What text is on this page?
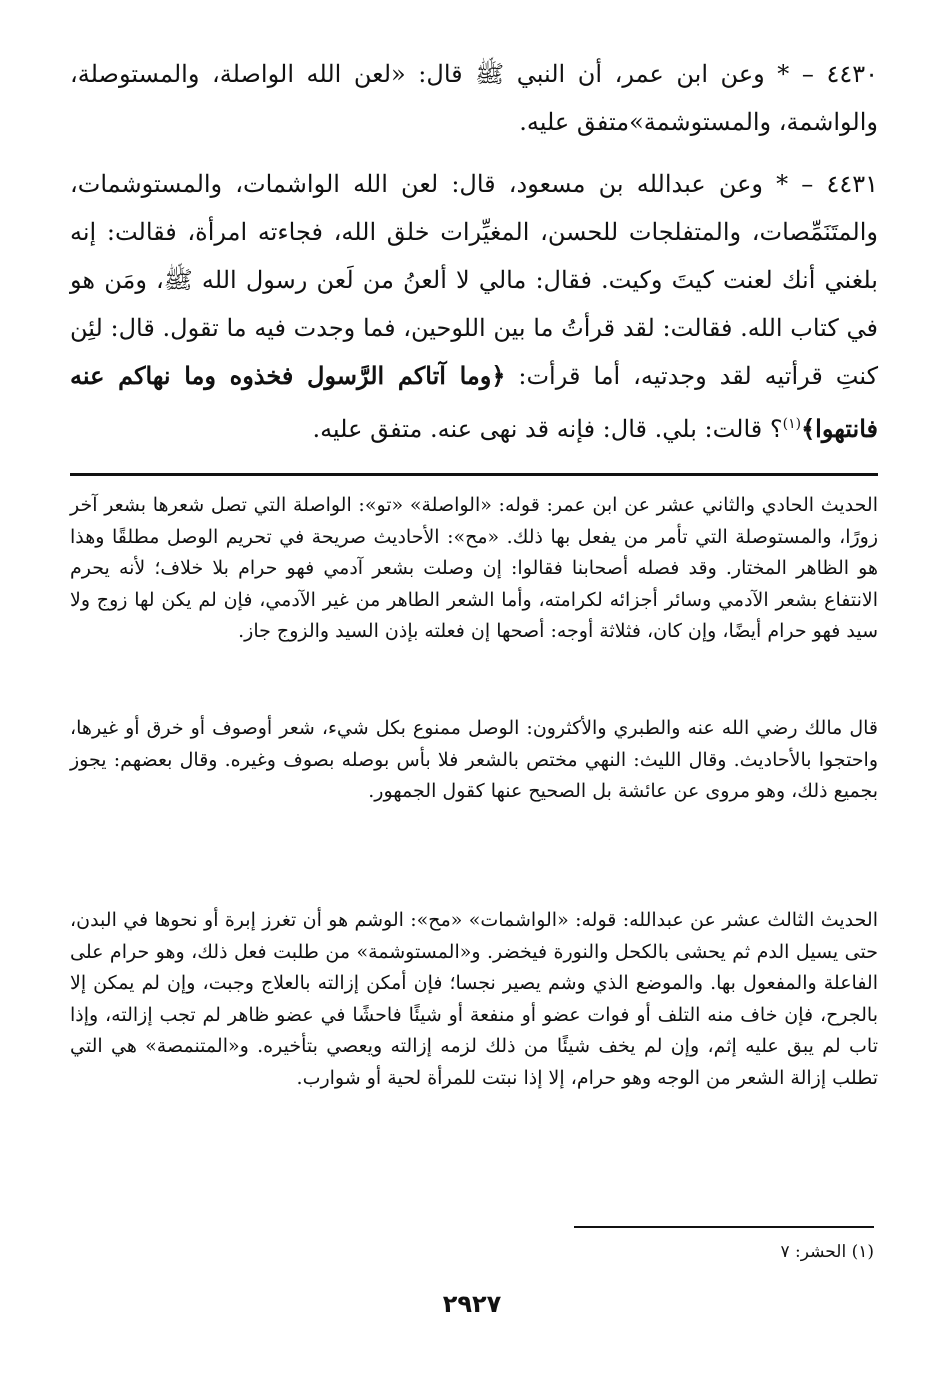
٤٤٣٠ – * وعن ابن عمر، أن النبي ﷺ قال: «لعن الله الواصلة، والمستوصلة، والواشمة، والمستوشمة»متفق عليه.
٤٤٣١ – * وعن عبدالله بن مسعود، قال: لعن الله الواشمات، والمستوشمات، والمتَنَمِّصات، والمتفلجات للحسن، المغيِّرات خلق الله، فجاءته امرأة، فقالت: إنه بلغني أنك لعنت كيتَ وكيت. فقال: مالي لا ألعنُ من لَعن رسول الله ﷺ، ومَن هو في كتاب الله. فقالت: لقد قرأتُ ما بين اللوحين، فما وجدت فيه ما تقول. قال: لئِن كنتِ قرأتيه لقد وجدتيه، أما قرأت: ﴿وما آتاكم الرَّسول فخذوه وما نهاكم عنه فانتهوا﴾$^{(١)}$؟ قالت: بلي. قال: فإنه قد نهى عنه. متفق عليه.
الحديث الحادي والثاني عشر عن ابن عمر: قوله: «الواصلة» «تو»: الواصلة التي تصل شعرها بشعر آخر زورًا، والمستوصلة التي تأمر من يفعل بها ذلك. «مح»: الأحاديث صريحة في تحريم الوصل مطلقًا وهذا هو الظاهر المختار. وقد فصله أصحابنا فقالوا: إن وصلت بشعر آدمي فهو حرام بلا خلاف؛ لأنه يحرم الانتفاع بشعر الآدمي وسائر أجزائه لكرامته، وأما الشعر الطاهر من غير الآدمي، فإن لم يكن لها زوج ولا سيد فهو حرام أيضًا، وإن كان، فثلاثة أوجه: أصحها إن فعلته بإذن السيد والزوج جاز.
قال مالك رضي الله عنه والطبري والأكثرون: الوصل ممنوع بكل شيء، شعر أوصوف أو خرق أو غيرها، واحتجوا بالأحاديث. وقال الليث: النهي مختص بالشعر فلا بأس بوصله بصوف وغيره. وقال بعضهم: يجوز بجميع ذلك، وهو مروى عن عائشة بل الصحيح عنها كقول الجمهور.
الحديث الثالث عشر عن عبدالله: قوله: «الواشمات» «مح»: الوشم هو أن تغرز إبرة أو نحوها في البدن، حتى يسيل الدم ثم يحشى بالكحل والنورة فيخضر. و«المستوشمة» من طلبت فعل ذلك، وهو حرام على الفاعلة والمفعول بها. والموضع الذي وشم يصير نجسا؛ فإن أمكن إزالته بالعلاج وجبت، وإن لم يمكن إلا بالجرح، فإن خاف منه التلف أو فوات عضو أو منفعة أو شيئًا فاحشًا في عضو ظاهر لم تجب إزالته، وإذا تاب لم يبق عليه إثم، وإن لم يخف شيئًا من ذلك لزمه إزالته ويعصي بتأخيره. و«المتنمصة» هي التي تطلب إزالة الشعر من الوجه وهو حرام، إلا إذا نبتت للمرأة لحية أو شوارب.
(١) الحشر: ٧
٢٩٢٧
